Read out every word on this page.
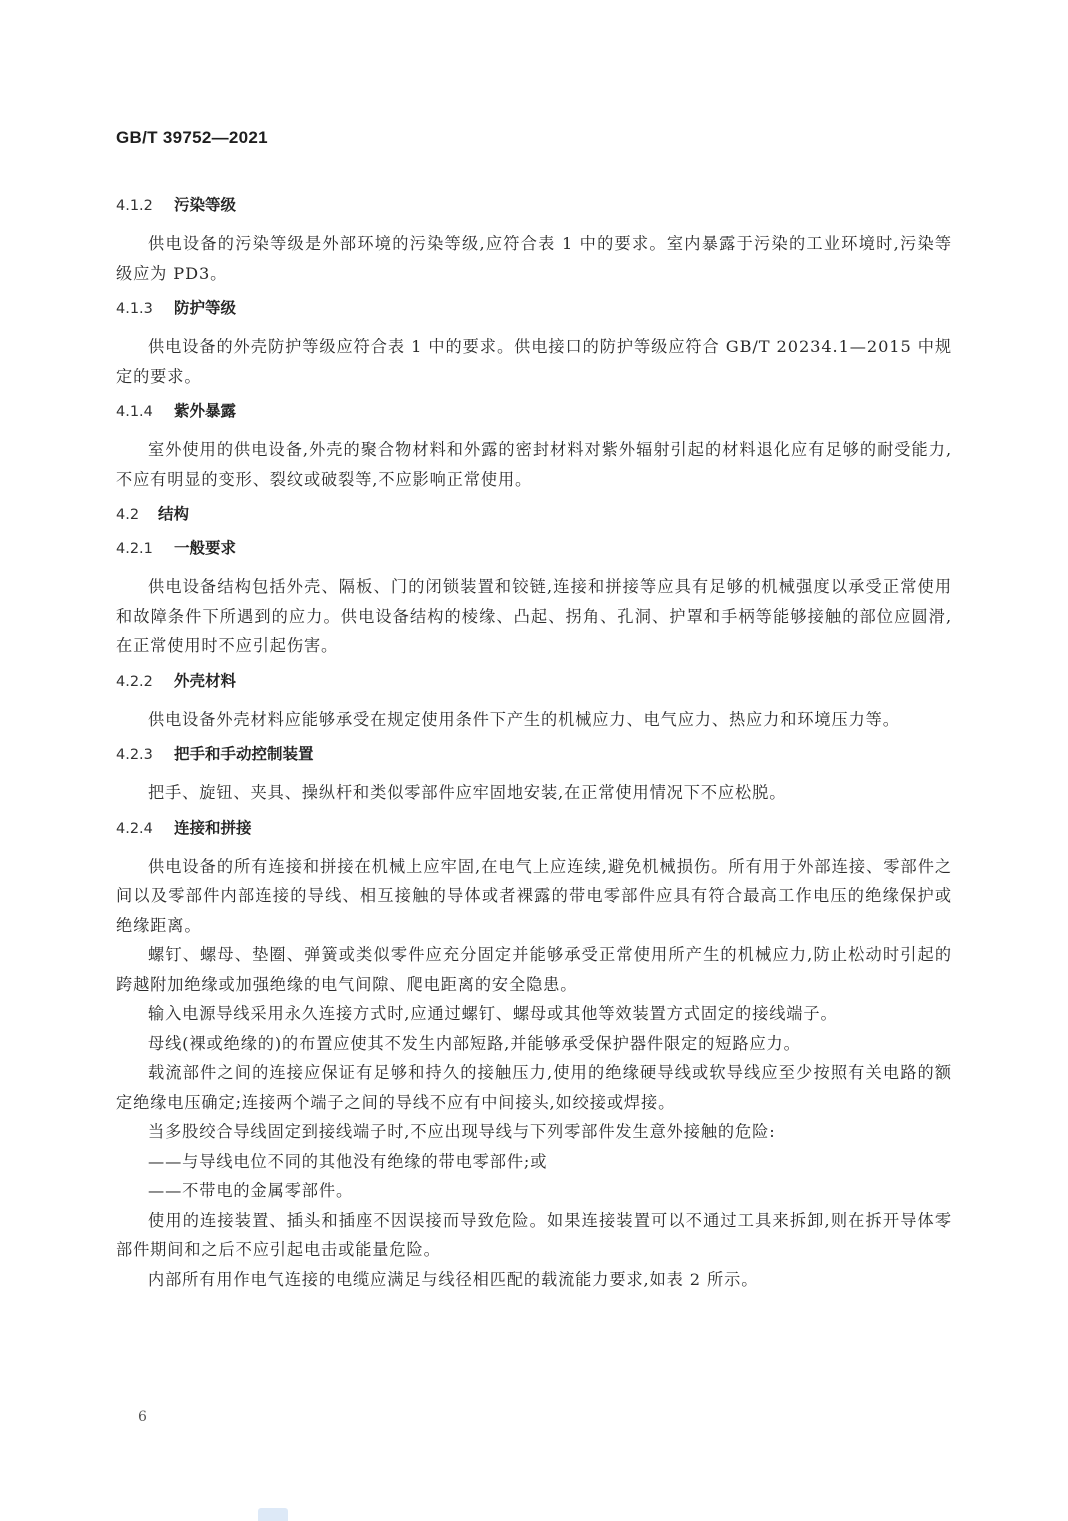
GB/T 39752—2021
4.1.2 污染等级
供电设备的污染等级是外部环境的污染等级,应符合表 1 中的要求。室内暴露于污染的工业环境时,污染等级应为 PD3。
4.1.3 防护等级
供电设备的外壳防护等级应符合表 1 中的要求。供电接口的防护等级应符合 GB/T 20234.1—2015 中规定的要求。
4.1.4 紫外暴露
室外使用的供电设备,外壳的聚合物材料和外露的密封材料对紫外辐射引起的材料退化应有足够的耐受能力,不应有明显的变形、裂纹或破裂等,不应影响正常使用。
4.2 结构
4.2.1 一般要求
供电设备结构包括外壳、隔板、门的闭锁装置和铰链,连接和拼接等应具有足够的机械强度以承受正常使用和故障条件下所遇到的应力。供电设备结构的棱缘、凸起、拐角、孔洞、护罩和手柄等能够接触的部位应圆滑,在正常使用时不应引起伤害。
4.2.2 外壳材料
供电设备外壳材料应能够承受在规定使用条件下产生的机械应力、电气应力、热应力和环境压力等。
4.2.3 把手和手动控制装置
把手、旋钮、夹具、操纵杆和类似零部件应牢固地安装,在正常使用情况下不应松脱。
4.2.4 连接和拼接
供电设备的所有连接和拼接在机械上应牢固,在电气上应连续,避免机械损伤。所有用于外部连接、零部件之间以及零部件内部连接的导线、相互接触的导体或者裸露的带电零部件应具有符合最高工作电压的绝缘保护或绝缘距离。
螺钉、螺母、垫圈、弹簧或类似零件应充分固定并能够承受正常使用所产生的机械应力,防止松动时引起的跨越附加绝缘或加强绝缘的电气间隙、爬电距离的安全隐患。
输入电源导线采用永久连接方式时,应通过螺钉、螺母或其他等效装置方式固定的接线端子。
母线(裸或绝缘的)的布置应使其不发生内部短路,并能够承受保护器件限定的短路应力。
载流部件之间的连接应保证有足够和持久的接触压力,使用的绝缘硬导线或软导线应至少按照有关电路的额定绝缘电压确定;连接两个端子之间的导线不应有中间接头,如绞接或焊接。
当多股绞合导线固定到接线端子时,不应出现导线与下列零部件发生意外接触的危险:
——与导线电位不同的其他没有绝缘的带电零部件;或
——不带电的金属零部件。
使用的连接装置、插头和插座不因误接而导致危险。如果连接装置可以不通过工具来拆卸,则在拆开导体零部件期间和之后不应引起电击或能量危险。
内部所有用作电气连接的电缆应满足与线径相匹配的载流能力要求,如表 2 所示。
6
